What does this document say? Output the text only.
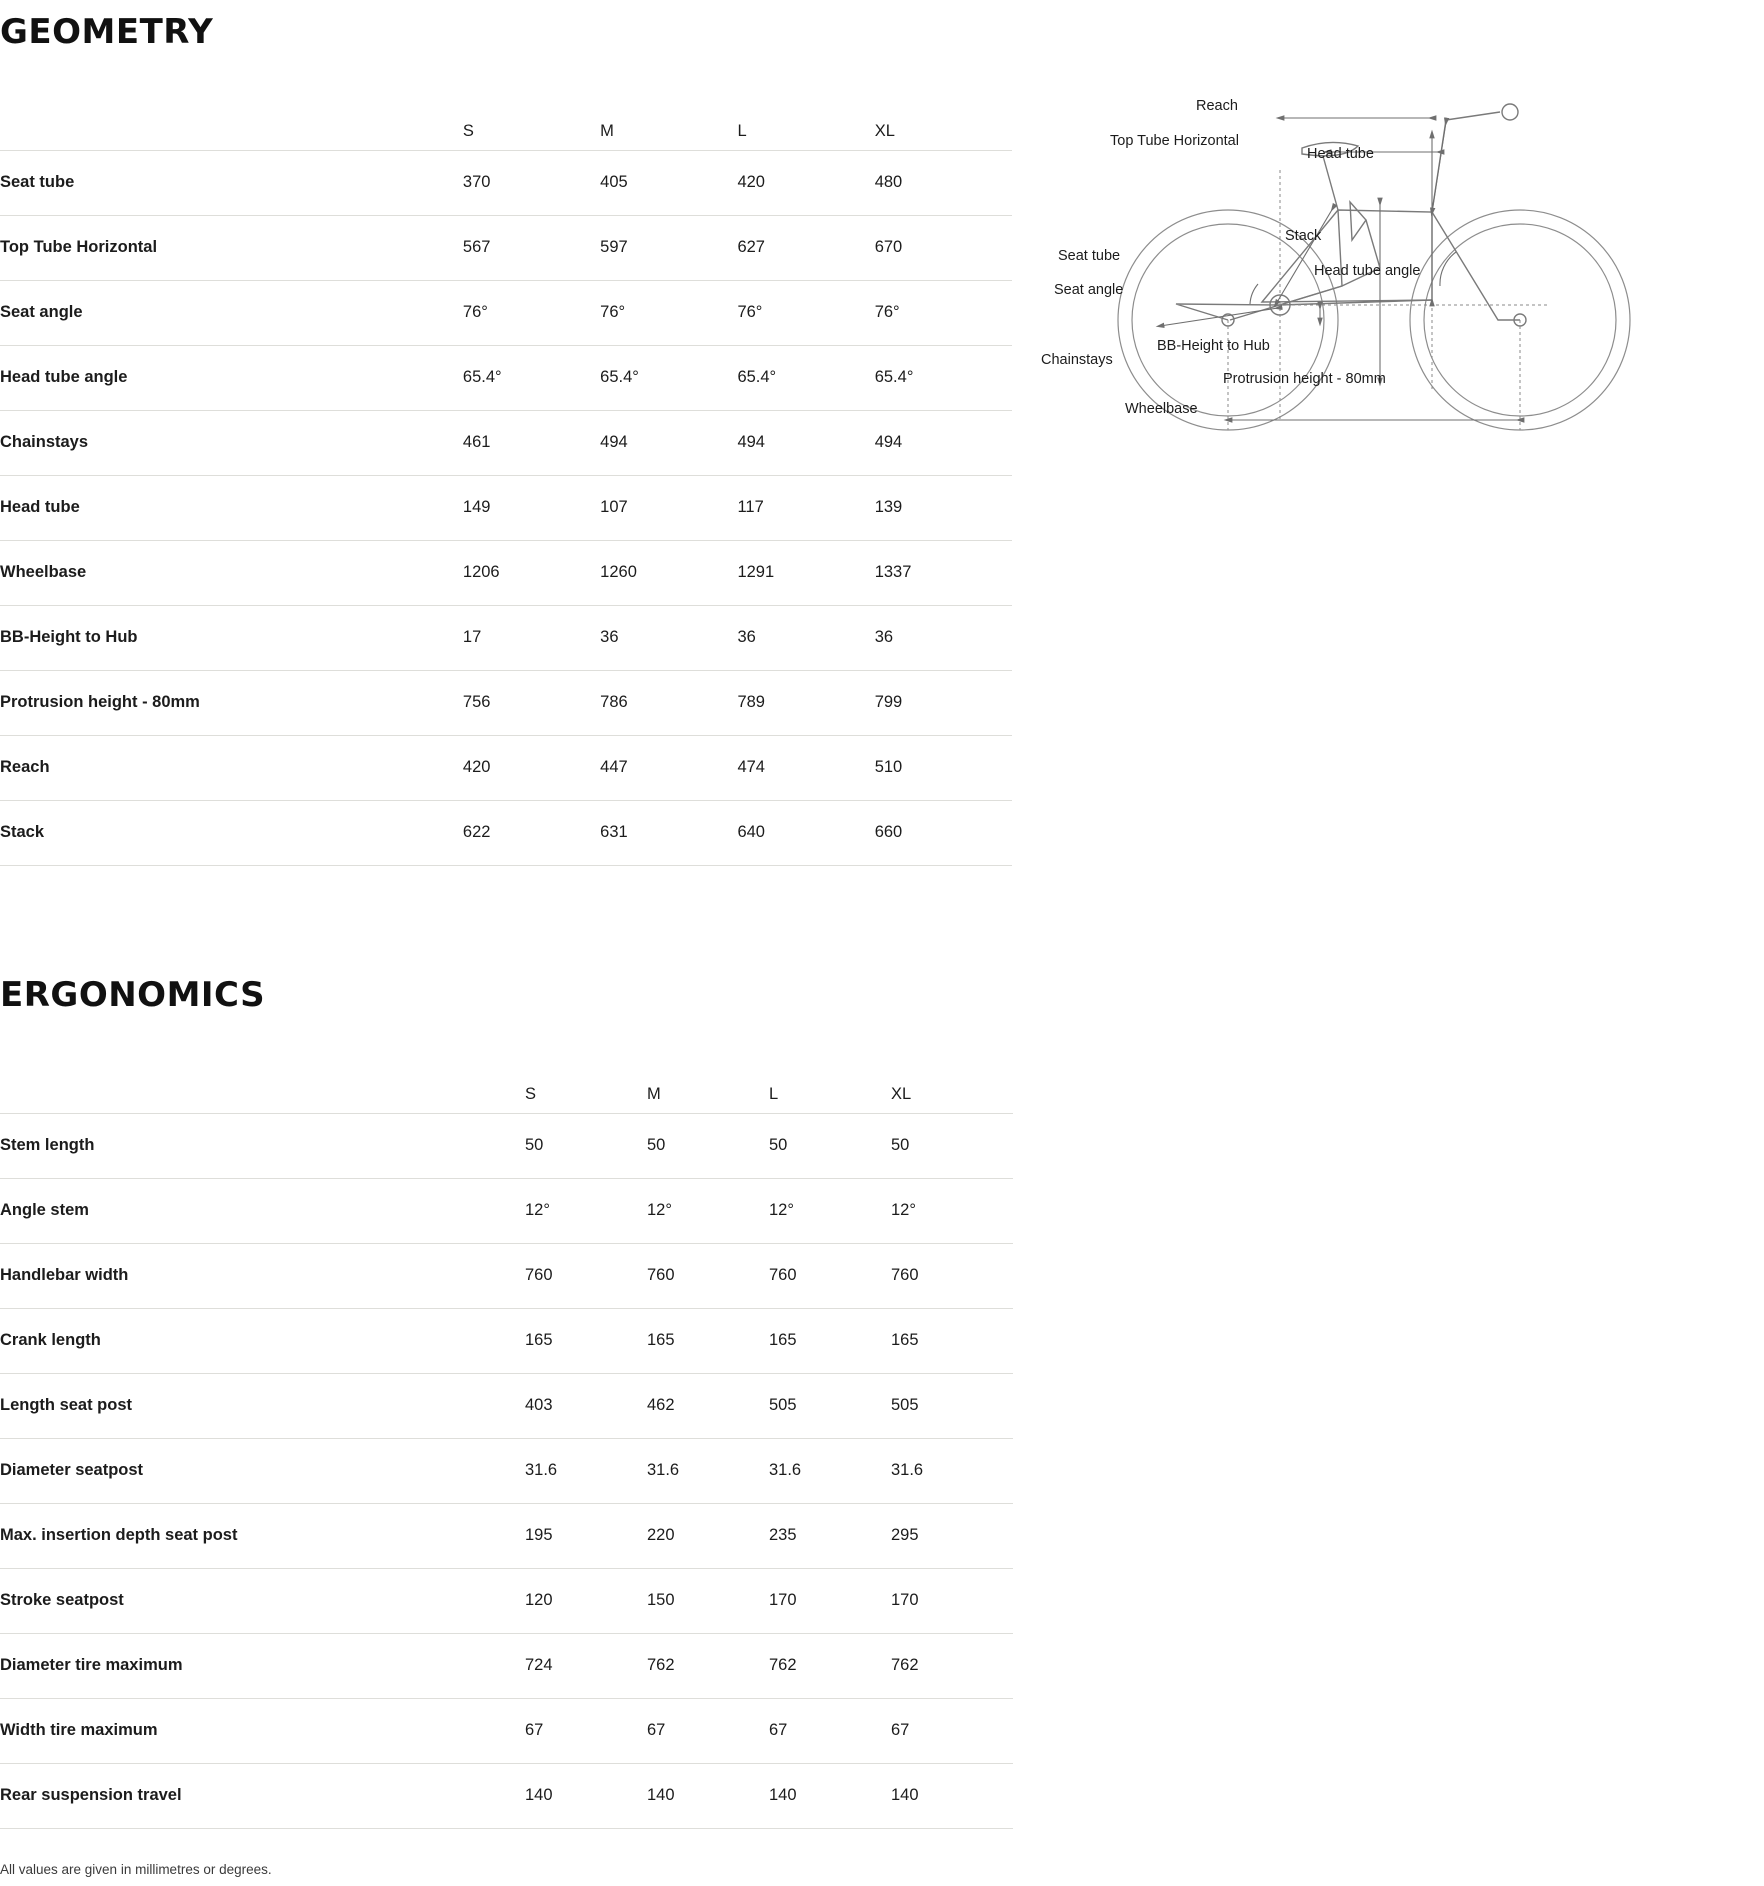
GEOMETRY
	S	M	L	XL
Seat tube	370	405	420	480
Top Tube Horizontal	567	597	627	670
Seat angle	76°	76°	76°	76°
Head tube angle	65.4°	65.4°	65.4°	65.4°
Chainstays	461	494	494	494
Head tube	149	107	117	139
Wheelbase	1206	1260	1291	1337
BB-Height to Hub	17	36	36	36
Protrusion height - 80mm	756	786	789	799
Reach	420	447	474	510
Stack	622	631	640	660
Reach
Top Tube Horizontal
Head tube
Stack
Seat tube
Head tube angle
Seat angle
BB-Height to Hub
Chainstays
Protrusion height - 80mm
Wheelbase
ERGONOMICS
	S	M	L	XL
Stem length	50	50	50	50
Angle stem	12°	12°	12°	12°
Handlebar width	760	760	760	760
Crank length	165	165	165	165
Length seat post	403	462	505	505
Diameter seatpost	31.6	31.6	31.6	31.6
Max. insertion depth seat post	195	220	235	295
Stroke seatpost	120	150	170	170
Diameter tire maximum	724	762	762	762
Width tire maximum	67	67	67	67
Rear suspension travel	140	140	140	140
All values are given in millimetres or degrees.
